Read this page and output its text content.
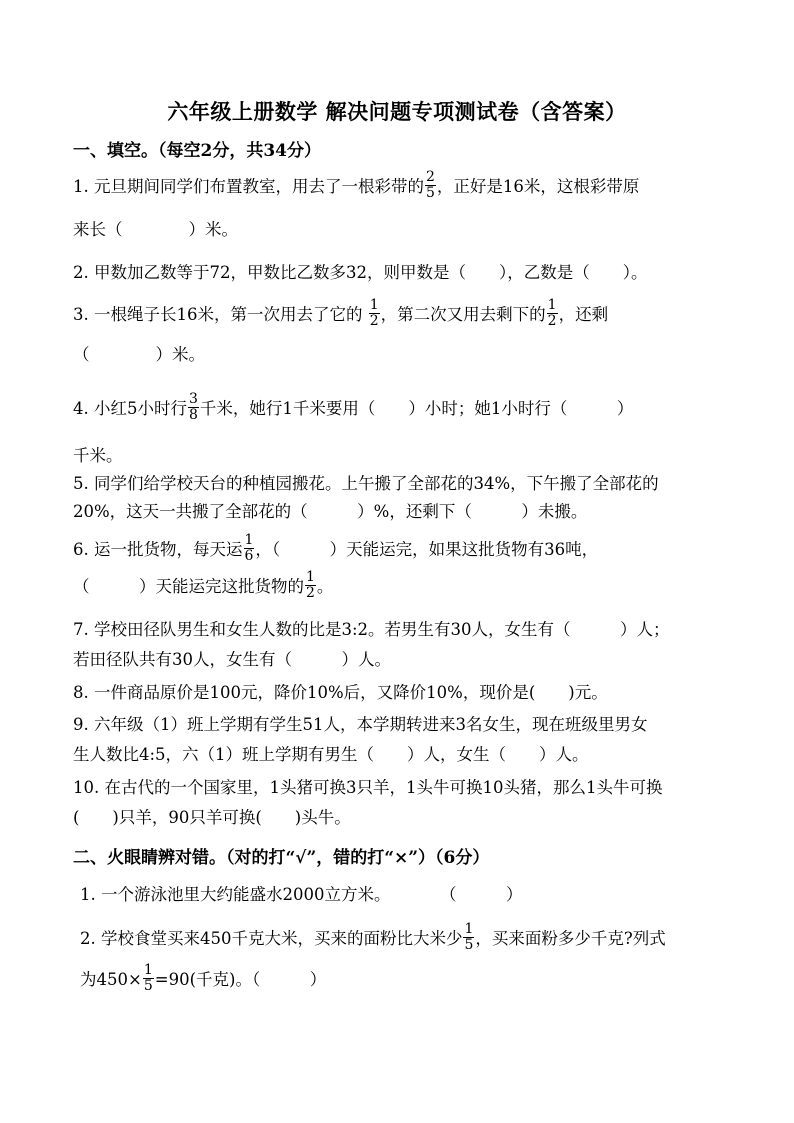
六年级上册数学 解决问题专项测试卷（含答案）
一、填空。（每空2分，共34分）
1. 元旦期间同学们布置教室，用去了一根彩带的 $\frac{2}{5}$ ，正好是16米，这根彩带原
来长（　　　　）米。
2. 甲数加乙数等于72，甲数比乙数多32，则甲数是（　　），乙数是（　　）。
3. 一根绳子长16米，第一次用去了它的 $\frac{1}{2}$ ，第二次又用去剩下的 $\frac{1}{2}$ ，还剩
（　　　　）米。
4. 小红5小时行 $\frac{3}{8}$ 千米，她行1千米要用（　　）小时；她1小时行（　　　）
千米。
5. 同学们给学校天台的种植园搬花。上午搬了全部花的34%，下午搬了全部花的
20%，这天一共搬了全部花的（　　　）%，还剩下（　　　）未搬。
6. 运一批货物，每天运 $\frac{1}{6}$ ，（　　　）天能运完，如果这批货物有36吨，
（　　　）天能运完这批货物的 $\frac{1}{2}$ 。
7. 学校田径队男生和女生人数的比是3:2。若男生有30人，女生有（　　　）人；
若田径队共有30人，女生有（　　　）人。
8. 一件商品原价是100元，降价10%后，又降价10%，现价是(　　)元。
9. 六年级（1）班上学期有学生51人，本学期转进来3名女生，现在班级里男女
生人数比4:5，六（1）班上学期有男生（　　）人，女生（　　）人。
10. 在古代的一个国家里，1头猪可换3只羊，1头牛可换10头猪，那么1头牛可换
(　　)只羊，90只羊可换(　　)头牛。
二、火眼睛辨对错。（对的打“√”，错的打“×”）（6分）
1. 一个游泳池里大约能盛水2000立方米。　　　　（　　　）
2. 学校食堂买来450千克大米，买来的面粉比大米少 $\frac{1}{5}$ ，买来面粉多少千克?列式
为$450\times \frac{1}{5} =90$(千克)。（　　　）
